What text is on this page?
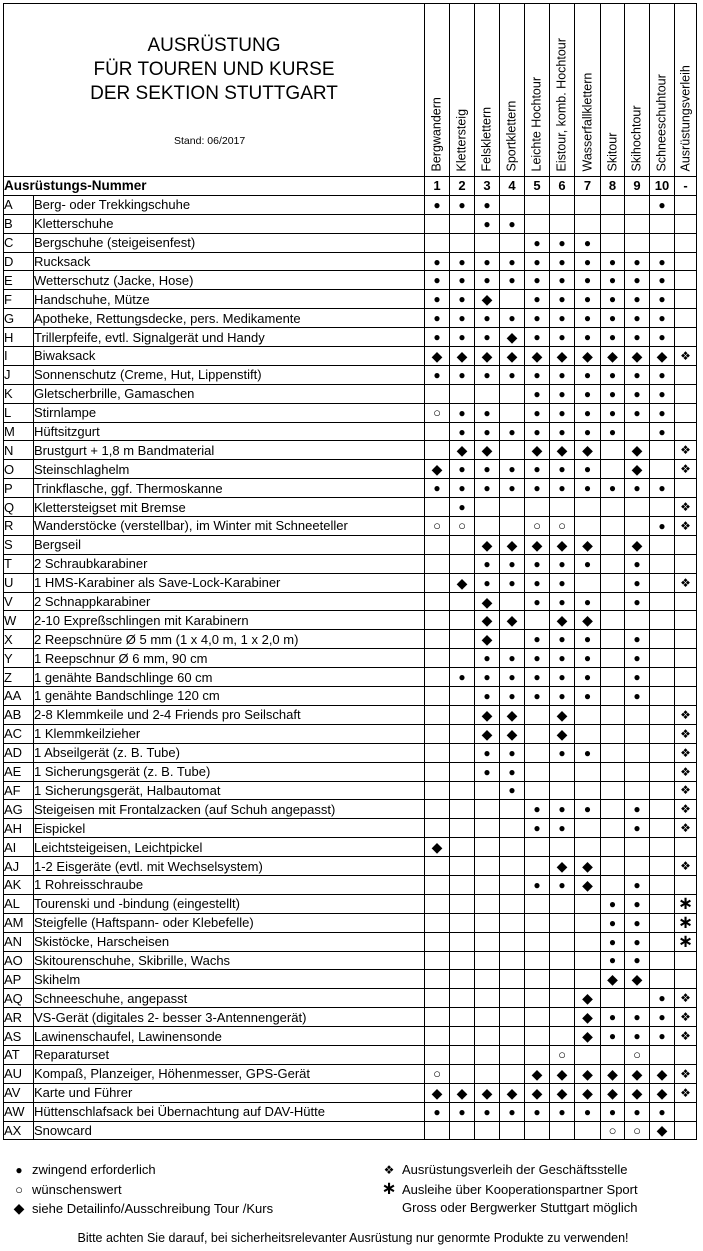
AUSRÜSTUNG
FÜR TOUREN UND KURSE
DER SEKTION STUTTGART
Stand: 06/2017		Bergwandern	Klettersteig	Felsklettern	Sportklettern	Leichte Hochtour	Eistour, komb. Hochtour	Wasserfallklettern	Skitour	Skihochtour	Schneeschuhtour	Ausrüstungsverleih

Ausrüstungs-Nummer		1	2	3	4	5	6	7	8	9	10	-
A	Berg- oder Trekkingschuhe	●	●	●							●	
B	Kletterschuhe			●	●							
C	Bergschuhe (steigeisenfest)					●	●	●				
D	Rucksack	●	●	●	●	●	●	●	●	●	●	
E	Wetterschutz (Jacke, Hose)	●	●	●	●	●	●	●	●	●	●	
F	Handschuhe, Mütze	●	●	◆		●	●	●	●	●	●	
G	Apotheke, Rettungsdecke, pers. Medikamente	●	●	●	●	●	●	●	●	●	●	
H	Trillerpfeife, evtl. Signalgerät und Handy	●	●	●	◆	●	●	●	●	●	●	
I	Biwaksack	◆	◆	◆	◆	◆	◆	◆	◆	◆	◆	❖
J	Sonnenschutz (Creme, Hut, Lippenstift)	●	●	●	●	●	●	●	●	●	●	
K	Gletscherbrille, Gamaschen					●	●	●	●	●	●	
L	Stirnlampe	○	●	●		●	●	●	●	●	●	
M	Hüftsitzgurt		●	●	●	●	●	●	●		●	
N	Brustgurt + 1,8 m Bandmaterial		◆	◆		◆	◆	◆		◆		❖
O	Steinschlaghelm	◆	●	●	●	●	●	●		◆		❖
P	Trinkflasche, ggf. Thermoskanne	●	●	●	●	●	●	●	●	●	●	
Q	Klettersteigset mit Bremse		●									❖
R	Wanderstöcke (verstellbar), im Winter mit Schneeteller	○	○			○	○				●	❖
S	Bergseil			◆	◆	◆	◆	◆		◆		
T	2 Schraubkarabiner			●	●	●	●	●		●		
U	1 HMS-Karabiner als Save-Lock-Karabiner		◆	●	●	●	●			●		❖
V	2 Schnappkarabiner			◆		●	●	●		●		
W	2-10 Expreßschlingen mit Karabinern			◆	◆		◆	◆				
X	2 Reepschnüre Ø 5 mm (1 x 4,0 m, 1 x 2,0 m)			◆		●	●	●		●		
Y	1 Reepschnur Ø 6 mm, 90 cm			●	●	●	●	●		●		
Z	1 genähte Bandschlinge 60 cm		●	●	●	●	●	●		●		
AA	1 genähte Bandschlinge 120 cm			●	●	●	●	●		●		
AB	2-8 Klemmkeile und 2-4 Friends pro Seilschaft			◆	◆		◆					❖
AC	1 Klemmkeilzieher			◆	◆		◆					❖
AD	1 Abseilgerät (z. B. Tube)			●	●		●	●				❖
AE	1 Sicherungsgerät (z. B. Tube)			●	●							❖
AF	1 Sicherungsgerät, Halbautomat				●							❖
AG	Steigeisen mit Frontalzacken (auf Schuh angepasst)					●	●	●		●		❖
AH	Eispickel					●	●			●		❖
AI	Leichtsteigeisen, Leichtpickel	◆										
AJ	1-2 Eisgeräte (evtl. mit Wechselsystem)						◆	◆				❖
AK	1 Rohreisschraube					●	●	◆		●		
AL	Tourenski und -bindung (eingestellt)								●	●		∗
AM	Steigfelle (Haftspann- oder Klebefelle)								●	●		∗
AN	Skistöcke, Harscheisen								●	●		∗
AO	Skitourenschuhe, Skibrille, Wachs								●	●		
AP	Skihelm								◆	◆		
AQ	Schneeschuhe, angepasst							◆			●	❖
AR	VS-Gerät (digitales 2- besser 3-Antennengerät)							◆	●	●	●	❖
AS	Lawinenschaufel, Lawinensonde							◆	●	●	●	❖
AT	Reparaturset						○			○		
AU	Kompaß, Planzeiger, Höhenmesser, GPS-Gerät	○				◆	◆	◆	◆	◆	◆	❖
AV	Karte und Führer	◆	◆	◆	◆	◆	◆	◆	◆	◆	◆	❖
AW	Hüttenschlafsack bei Übernachtung auf DAV-Hütte	●	●	●	●	●	●	●	●	●	●	
AX	Snowcard								○	○	◆	
● zwingend erforderlich
○ wünschenswert
◆ siehe Detailinfo/Ausschreibung Tour /Kurs
❖ Ausrüstungsverleih der Geschäftsstelle
∗ Ausleihe über Kooperationspartner Sport
Gross oder Bergwerker Stuttgart möglich
Bitte achten Sie darauf, bei sicherheitsrelevanter Ausrüstung nur genormte Produkte zu verwenden!
